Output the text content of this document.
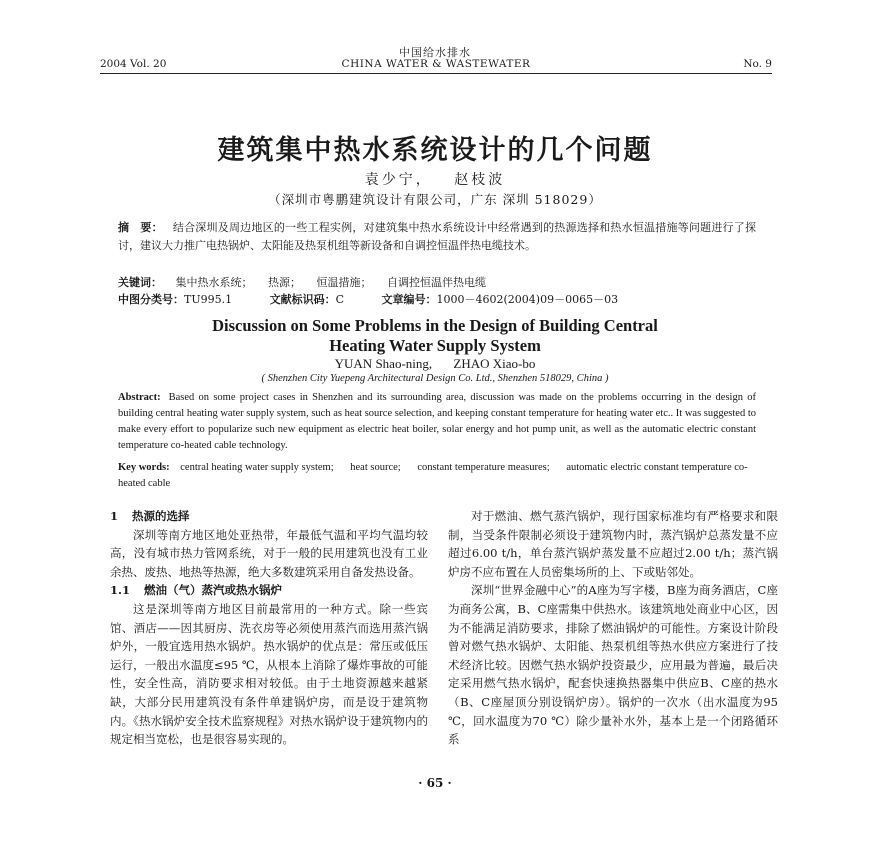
中国给水排水
CHINA WATER & WASTEWATER
2004 Vol. 20	No. 9
建筑集中热水系统设计的几个问题
袁少宁， 赵枝波
（深圳市粤鹏建筑设计有限公司，广东 深圳 518029）
摘　要： 结合深圳及周边地区的一些工程实例，对建筑集中热水系统设计中经常遇到的热源选择和热水恒温措施等问题进行了探讨，建议大力推广电热锅炉、太阳能及热泵机组等新设备和自调控恒温伴热电缆技术。
关键词： 集中热水系统； 热源； 恒温措施； 自调控恒温伴热电缆
中图分类号：TU995.1	文献标识码：C	文章编号：1000－4602(2004)09－0065－03
Discussion on Some Problems in the Design of Building Central
Heating Water Supply System
YUAN Shao-ning, ZHAO Xiao-bo
( Shenzhen City Yuepeng Architectural Design Co. Ltd., Shenzhen 518029, China )
Abstract: Based on some project cases in Shenzhen and its surrounding area, discussion was made on the problems occurring in the design of building central heating water supply system, such as heat source selection, and keeping constant temperature for heating water etc.. It was suggested to make every effort to popularize such new equipment as electric heat boiler, solar energy and hot pump unit, as well as the automatic electric constant temperature co-heated cable technology.
Key words: central heating water supply system; heat source; constant temperature measures; automatic electric constant temperature co-heated cable
1 热源的选择

深圳等南方地区地处亚热带，年最低气温和平均气温均较高，没有城市热力管网系统，对于一般的民用建筑也没有工业余热、废热、地热等热源，绝大多数建筑采用自备发热设备。

1.1 燃油（气）蒸汽或热水锅炉

这是深圳等南方地区目前最常用的一种方式。除一些宾馆、酒店——因其厨房、洗衣房等必须使用蒸汽而选用蒸汽锅炉外，一般宜选用热水锅炉。热水锅炉的优点是：常压或低压运行，一般出水温度≤95 ℃，从根本上消除了爆炸事故的可能性，安全性高，消防要求相对较低。由于土地资源越来越紧缺，大部分民用建筑没有条件单建锅炉房，而是设于建筑物内。《热水锅炉安全技术监察规程》对热水锅炉设于建筑物内的规定相当宽松，也是很容易实现的。

对于燃油、燃气蒸汽锅炉，现行国家标准均有严格要求和限制，当受条件限制必须设于建筑物内时，蒸汽锅炉总蒸发量不应超过6.00 t/h，单台蒸汽锅炉蒸发量不应超过2.00 t/h；蒸汽锅炉房不应布置在人员密集场所的上、下或贴邻处。

深圳“世界金融中心”的A座为写字楼，B座为商务酒店，C座为商务公寓，B、C座需集中供热水。该建筑地处商业中心区，因为不能满足消防要求，排除了燃油锅炉的可能性。方案设计阶段曾对燃气热水锅炉、太阳能、热泵机组等热水供应方案进行了技术经济比较。因燃气热水锅炉投资最少，应用最为普遍，最后决定采用燃气热水锅炉，配套快速换热器集中供应B、C座的热水（B、C座屋顶分别设锅炉房）。锅炉的一次水（出水温度为95 ℃，回水温度为70 ℃）除少量补水外，基本上是一个闭路循环系

· 65 ·
